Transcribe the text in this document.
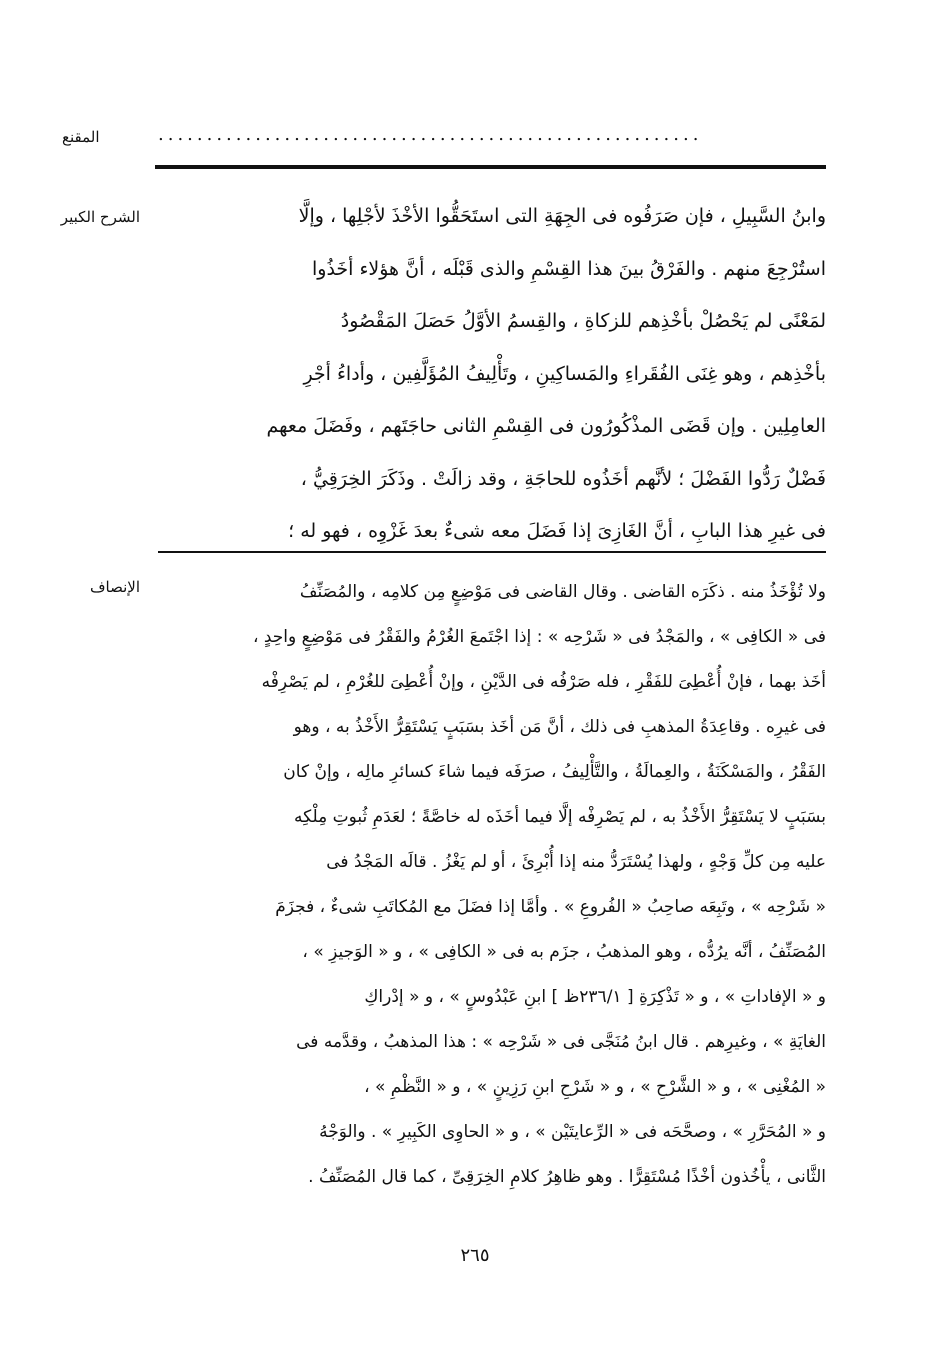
المقنع	........................................................
الشرح الكبير	وابنُ السَّبِيلِ ، فإن صَرَفُوه فى الجِهَةِ التى استَحَقُّوا الأخْذَ لأجْلِها ، وإلَّا
استُرْجِعَ منهم . والفَرْقُ بينَ هذا القِسْمِ والذى قَبْلَه ، أنَّ هؤلاء أخَذُوا
لمَعْنًى لم يَحْصُلْ بأخْذِهم للزكاةِ ، والقِسمُ الأوَّلُ حَصَلَ المَقْصُودُ
بأخْذِهم ، وهو غِنَى الفُقَراءِ والمَساكِينِ ، وتَأْلِيفُ المُؤَلَّفِين ، وأداءُ أجْرِ
العامِلِين . وإن قَضَى المذْكُورُون فى القِسْمِ الثانى حاجَتَهم ، وفَضَلَ معهم
فَضْلٌ رَدُّوا الفَضْلَ ؛ لأنَّهم أخَذُوه للحاجَةِ ، وقد زالَتْ . وذَكَرَ الخِرَقِيُّ ،
فى غيرِ هذا البابِ ، أنَّ الغَازِىَ إذا فَضَلَ معه شىءٌ بعدَ غَزْوِه ، فهو له ؛
الإنصاف	ولا تُؤْخَذُ منه . ذكَرَه القاضى . وقال القاضى فى مَوْضِعٍ مِن كلامِه ، والمُصَنِّفُ
فى « الكافِى » ، والمَجْدُ فى « شَرْحِه » : إذا اجْتَمعَ الغُرْمُ والفَقْرُ فى مَوْضِعٍ واحِدٍ ،
أخَذ بهما ، فإنْ أُعْطِىَ للفَقْرِ ، فله صَرْفُه فى الدَّيْنِ ، وإنْ أُعْطِىَ للغُرْمِ ، لم يَصْرِفْه
فى غيرِه . وقاعِدَةُ المذهبِ فى ذلك ، أنَّ مَن أخَذ بسَبَبٍ يَسْتَقِرُّ الأَخْذُ به ، وهو
الفَقْرُ ، والمَسْكَنَةُ ، والعِمالَةُ ، والتَّأْلِيفُ ، صرَفَه فيما شاءَ كسائرِ مالِه ، وإنْ كان
بسَبَبٍ لا يَسْتَقِرُّ الأَخْذُ به ، لم يَصْرِفْه إلَّا فيما أخَذَه له خاصَّةً ؛ لعَدَمِ ثُبوتِ مِلْكِه
عليه مِن كلِّ وَجْهٍ ، ولهذا يُسْتَرَدُّ منه إذا أُبْرِئَ ، أو لم يَغْزُ . قالَه المَجْدُ فى
« شَرْحِه » ، وتَبِعَه صاحِبُ « الفُروعِ » . وأمَّا إذا فضَلَ مع المُكاتَبِ شىءٌ ، فجزَمَ
المُصَنِّفُ ، أنَّه يرُدُّه ، وهو المذهبُ ، جزَم به فى « الكافِى » ، و « الوَجيزِ » ،
و « الإفاداتِ » ، و « تَذْكِرَةِ [ ٢٣٦/١ظ ] ابنِ عَبْدُوسٍ » ، و « إدْراكِ
الغايَةِ » ، وغيرِهم . قال ابنُ مُنَجَّى فى « شَرْحِه » : هذا المذهبُ ، وقدَّمه فى
« المُغْنِى » ، و « الشَّرْحِ » ، و « شَرْحِ ابنِ رَزِينٍ » ، و « النَّظْمِ » ،
و « المُحَرَّرِ » ، وصحَّحَه فى « الرِّعايتَيْن » ، و « الحاوِى الكَبِيرِ » . والوَجْهُ
الثَّانى ، يأْخُذون أخْذًا مُسْتَقِرًّا . وهو ظاهِرُ كلامِ الخِرَقِىِّ ، كما قال المُصَنِّفُ .
٢٦٥
